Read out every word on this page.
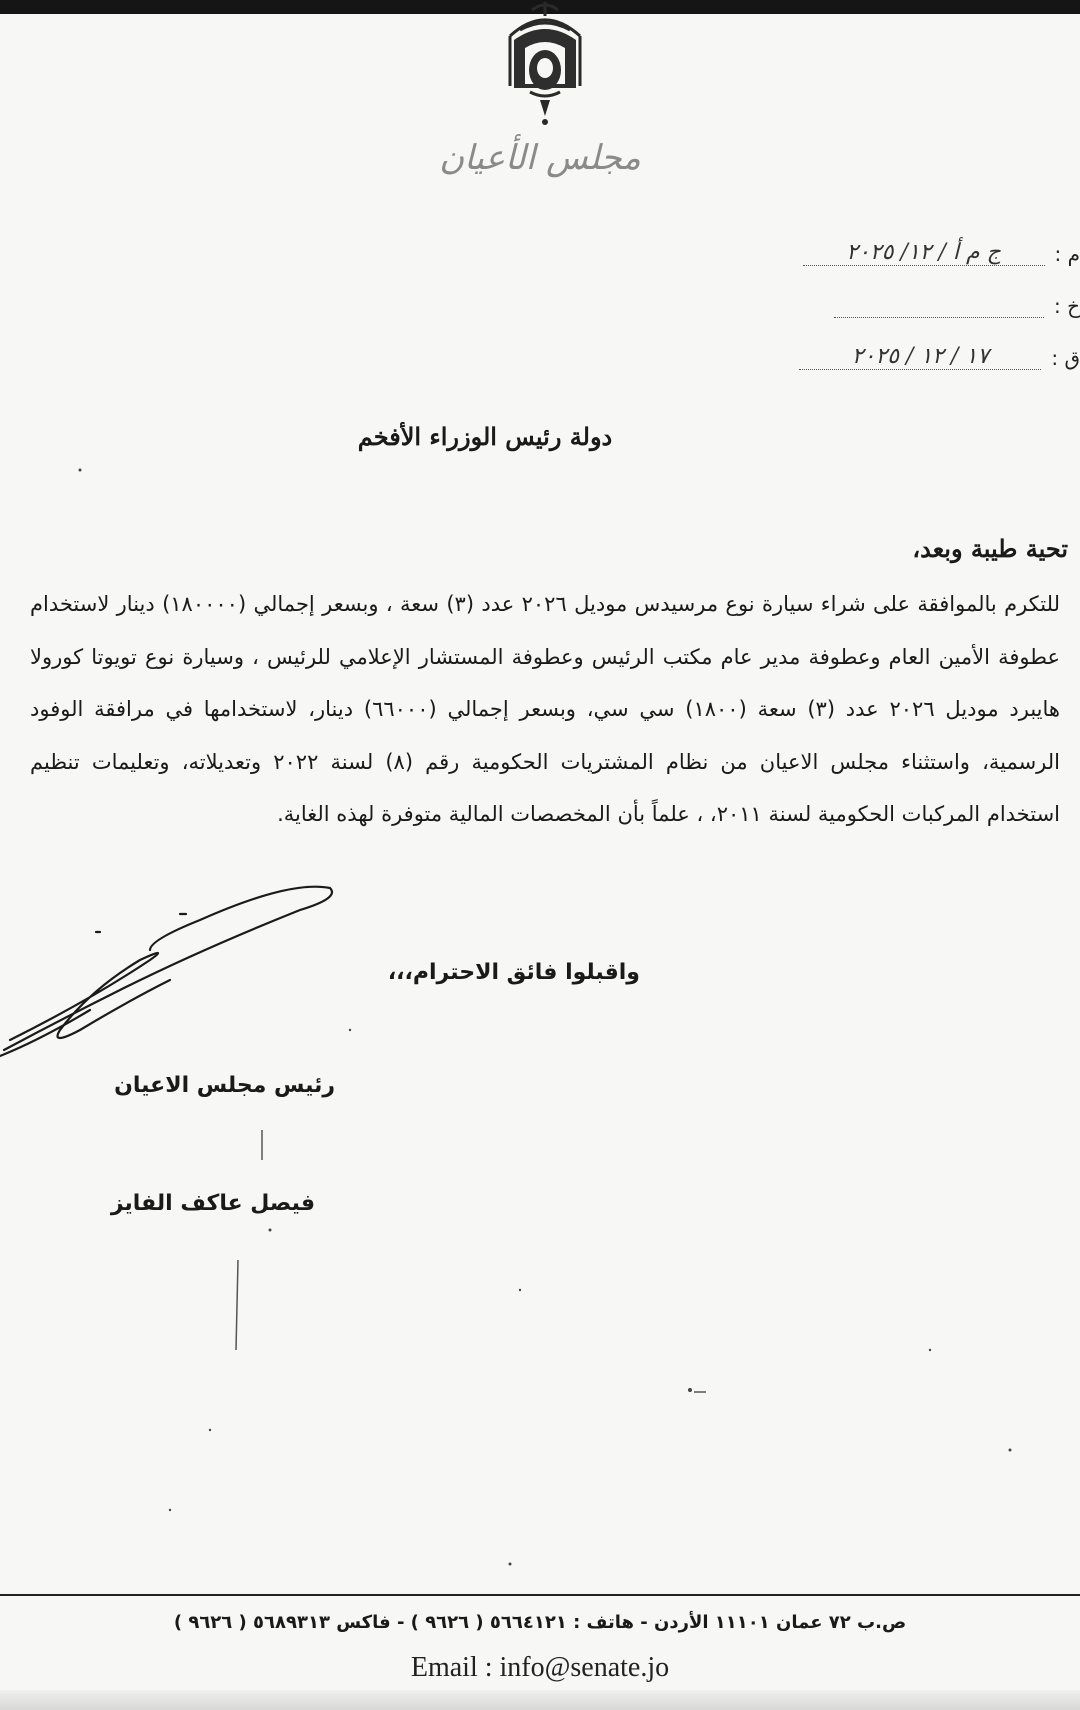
مجلس الأعيان
م :
ج م أ / ١٢/ ٢٠٢٥
خ :
ق :
١٧ / ١٢ / ٢٠٢٥
دولة رئيس الوزراء الأفخم
تحية طيبة وبعد،
للتكرم بالموافقة على شراء سيارة نوع مرسيدس موديل ٢٠٢٦ عدد (٣) سعة ، وبسعر إجمالي (١٨٠٠٠٠) دينار لاستخدام عطوفة الأمين العام وعطوفة مدير عام مكتب الرئيس وعطوفة المستشار الإعلامي للرئيس ، وسيارة نوع تويوتا كورولا هايبرد موديل ٢٠٢٦ عدد (٣) سعة (١٨٠٠) سي سي، وبسعر إجمالي (٦٦٠٠٠) دينار، لاستخدامها في مرافقة الوفود الرسمية، واستثناء مجلس الاعيان من نظام المشتريات الحكومية رقم (٨) لسنة ٢٠٢٢ وتعديلاته، وتعليمات تنظيم استخدام المركبات الحكومية لسنة ٢٠١١، ، علماً بأن المخصصات المالية متوفرة لهذه الغاية.
واقبلوا فائق الاحترام،،،
رئيس مجلس الاعيان
فيصل عاكف الفايز
ص.ب ٧٢ عمان ١١١٠١ الأردن - هاتف : ٥٦٦٤١٢١ ( ٩٦٢٦ ) - فاكس ٥٦٨٩٣١٣ ( ٩٦٢٦ )
Email : info@senate.jo
